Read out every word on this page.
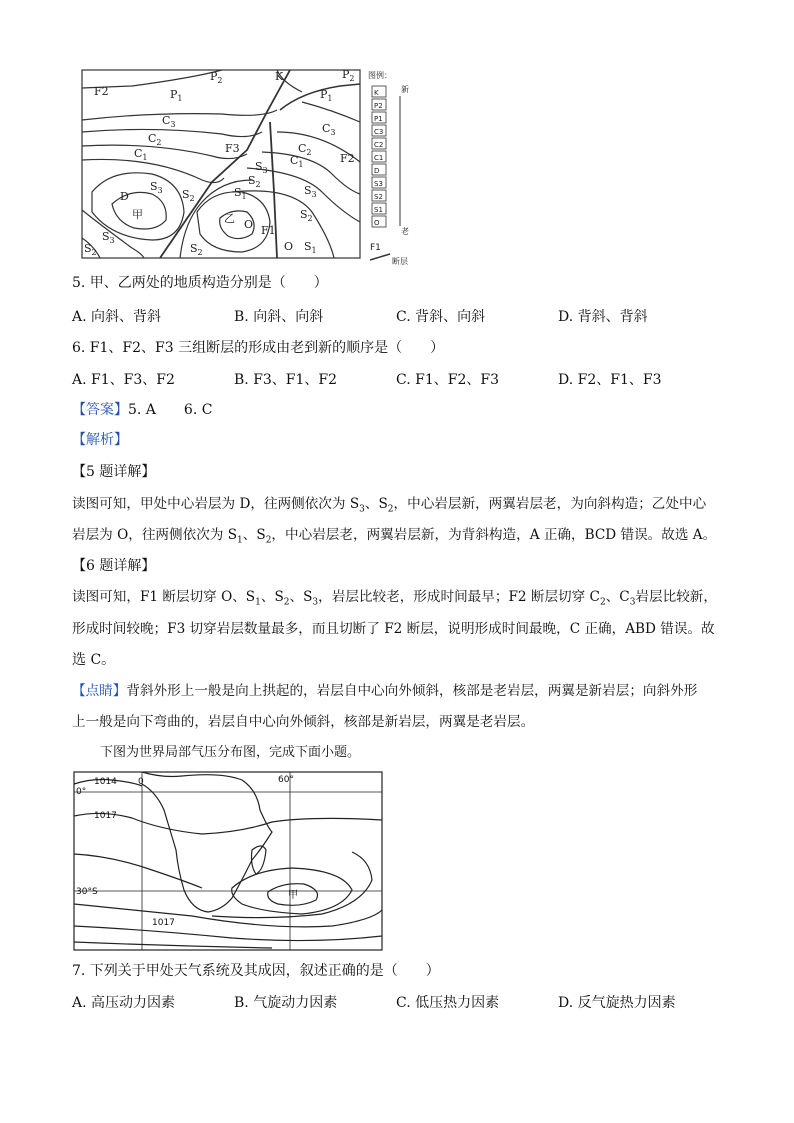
$P_2$	K	$P_2$
F2	$P_1$	$P_1$
$C_3$	$C_3$
$C_2$	$C_2$
$C_1$	$C_1$
F3
F2
$S_3$
$S_2$
$S_3$ $S_2$	$S_1$	$S_3$
$S_2$
D
甲	乙 O F1
$S_3$
$S_2$	$S_2$	O $S_1$
图例：
新
老
K
P2
P1
C3
C2
C1
D
S3
S2
S1
O
F1
断层
5. 甲、乙两处的地质构造分别是（　　）
A. 向斜、背斜	B. 向斜、向斜	C. 背斜、向斜	D. 背斜、背斜
6. F1、F2、F3 三组断层的形成由老到新的顺序是（　　）
A. F1、F3、F2	B. F3、F1、F2	C. F1、F2、F3	D. F2、F1、F3
【答案】5. A　　6. C
【解析】
【5 题详解】
读图可知，甲处中心岩层为 D，往两侧依次为 $S_3$、$S_2$，中心岩层新，两翼岩层老，为向斜构造；乙处中心
岩层为 O，往两侧依次为 $S_1$、$S_2$，中心岩层老，两翼岩层新，为背斜构造，A 正确，BCD 错误。故选 A。
【6 题详解】
读图可知，F1 断层切穿 O、$S_1$、$S_2$、$S_3$，岩层比较老，形成时间最早；F2 断层切穿 $C_2$、$C_3$岩层比较新，
形成时间较晚；F3 切穿岩层数量最多，而且切断了 F2 断层，说明形成时间最晚，C 正确，ABD 错误。故
选 C。
【点睛】背斜外形上一般是向上拱起的，岩层自中心向外倾斜，核部是老岩层，两翼是新岩层；向斜外形
上一般是向下弯曲的，岩层自中心向外倾斜，核部是新岩层，两翼是老岩层。
下图为世界局部气压分布图，完成下面小题。
1014
0°
0	60°
1017
30°S	甲
1017
7. 下列关于甲处天气系统及其成因，叙述正确的是（　　）
A. 高压动力因素	B. 气旋动力因素	C. 低压热力因素	D. 反气旋热力因素
